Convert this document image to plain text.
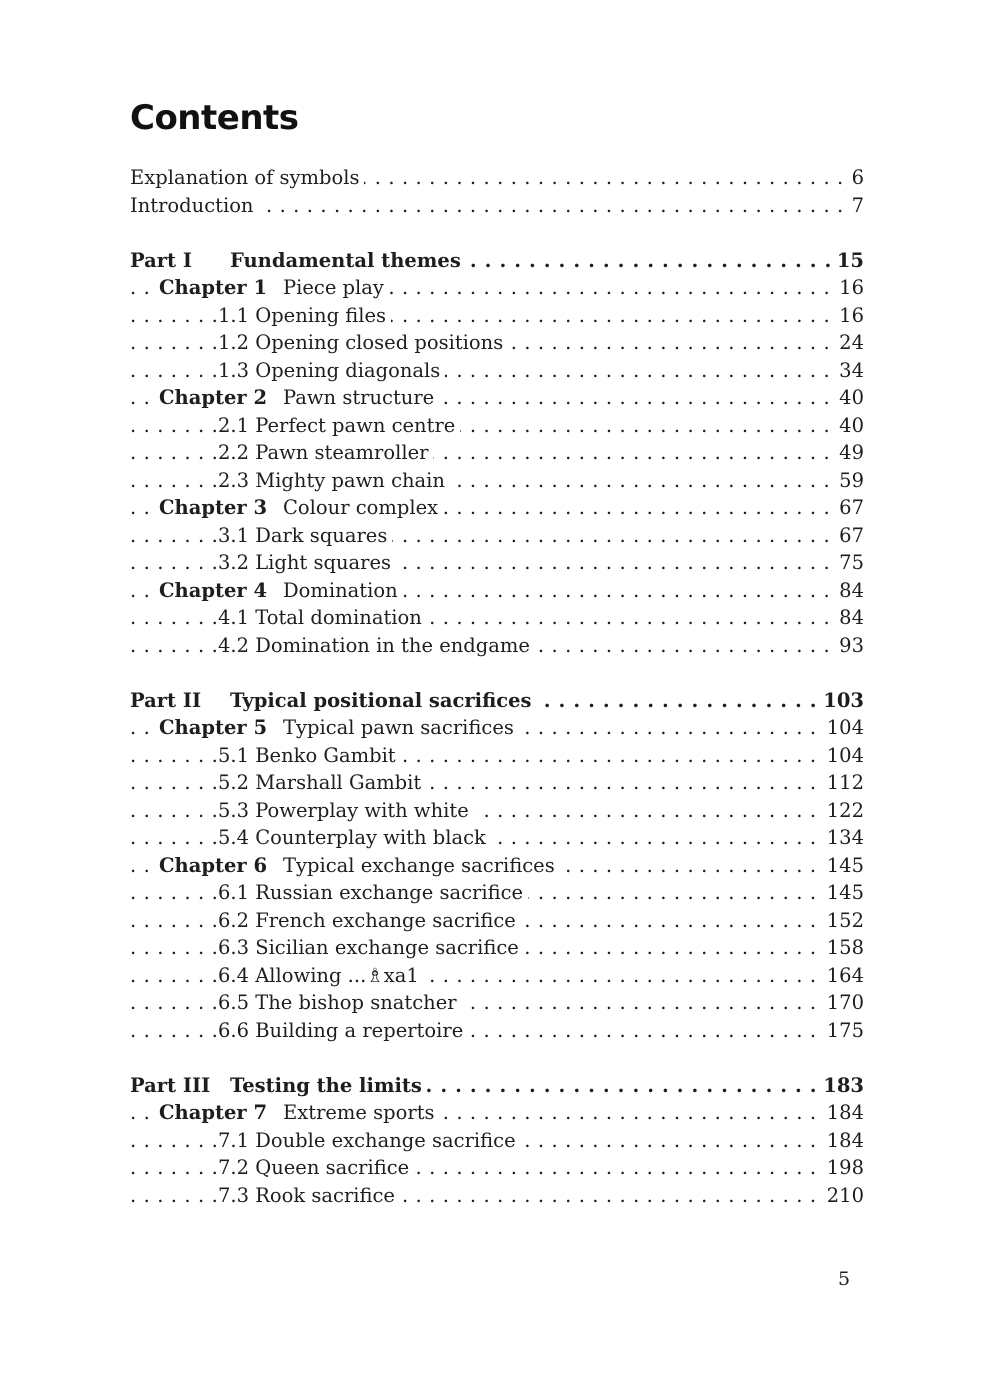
Contents
Explanation of symbols	6
. . .
Introduction	7
. . .
Part I Fundamental themes	15
. . .
Chapter 1 Piece play	16
. . .
1.1 Opening files	16
. . .
1.2 Opening closed positions	24
. . .
1.3 Opening diagonals	34
. . .
Chapter 2 Pawn structure	40
. . .
2.1 Perfect pawn centre	40
. . .
2.2 Pawn steamroller	49
. . .
2.3 Mighty pawn chain	59
. . .
Chapter 3 Colour complex	67
. . .
3.1 Dark squares	67
. . .
3.2 Light squares	75
. . .
Chapter 4 Domination	84
. . .
4.1 Total domination	84
. . .
4.2 Domination in the endgame	93
. . .
Part II Typical positional sacrifices	103
. . .
Chapter 5 Typical pawn sacrifices	104
. . .
5.1 Benko Gambit	104
. . .
5.2 Marshall Gambit	112
. . .
5.3 Powerplay with white	122
. . .
5.4 Counterplay with black	134
. . .
Chapter 6 Typical exchange sacrifices	145
. . .
6.1 Russian exchange sacrifice	145
. . .
6.2 French exchange sacrifice	152
. . .
6.3 Sicilian exchange sacrifice	158
. . .
6.4 Allowing ...♗xa1	164
. . .
6.5 The bishop snatcher	170
. . .
6.6 Building a repertoire	175
. . .
Part III Testing the limits	183
. . .
Chapter 7 Extreme sports	184
. . .
7.1 Double exchange sacrifice	184
. . .
7.2 Queen sacrifice	198
. . .
7.3 Rook sacrifice	210
. . .

5
